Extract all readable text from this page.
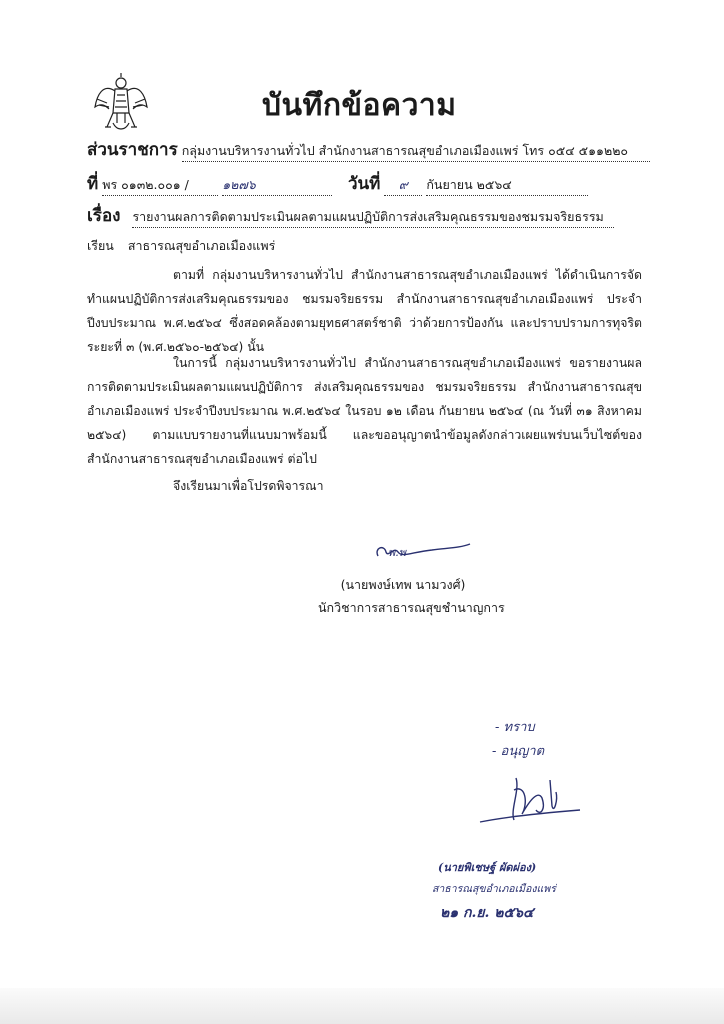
บันทึกข้อความ
ส่วนราชการ กลุ่มงานบริหารงานทั่วไป สำนักงานสาธารณสุขอำเภอเมืองแพร่ โทร ๐๕๔ ๕๑๑๒๒๐
ที่ พร ๐๑๓๒.๐๐๑ /	๑๒๗๖	วันที่ ๙ กันยายน ๒๕๖๔
เรื่อง รายงานผลการติดตามประเมินผลตามแผนปฏิบัติการส่งเสริมคุณธรรมของชมรมจริยธรรม
เรียน สาธารณสุขอำเภอเมืองแพร่
ตามที่ กลุ่มงานบริหารงานทั่วไป สำนักงานสาธารณสุขอำเภอเมืองแพร่ ได้ดำเนินการจัดทำแผนปฏิบัติการส่งเสริมคุณธรรมของ ชมรมจริยธรรม สำนักงานสาธารณสุขอำเภอเมืองแพร่ ประจำปีงบประมาณ พ.ศ.๒๕๖๔ ซึ่งสอดคล้องตามยุทธศาสตร์ชาติ ว่าด้วยการป้องกัน และปราบปรามการทุจริตระยะที่ ๓ (พ.ศ.๒๕๖๐-๒๕๖๔) นั้น
ในการนี้ กลุ่มงานบริหารงานทั่วไป สำนักงานสาธารณสุขอำเภอเมืองแพร่ ขอรายงานผลการติดตามประเมินผลตามแผนปฏิบัติการ ส่งเสริมคุณธรรมของ ชมรมจริยธรรม สำนักงานสาธารณสุขอำเภอเมืองแพร่ ประจำปีงบประมาณ พ.ศ.๒๕๖๔ ในรอบ ๑๒ เดือน กันยายน ๒๕๖๔ (ณ วันที่ ๓๑ สิงหาคม ๒๕๖๔) ตามแบบรายงานที่แนบมาพร้อมนี้ และขออนุญาตนำข้อมูลดังกล่าวเผยแพร่บนเว็บไซต์ของ สำนักงานสาธารณสุขอำเภอเมืองแพร่ ต่อไป
จึงเรียนมาเพื่อโปรดพิจารณา
พ.พ
(นายพงษ์เทพ นามวงศ์)
นักวิชาการสาธารณสุขชำนาญการ
- ทราบ
- อนุญาต
(นายพิเชษฐ์ ผัดผ่อง)
สาธารณสุขอำเภอเมืองแพร่
๒๑ ก.ย. ๒๕๖๔
